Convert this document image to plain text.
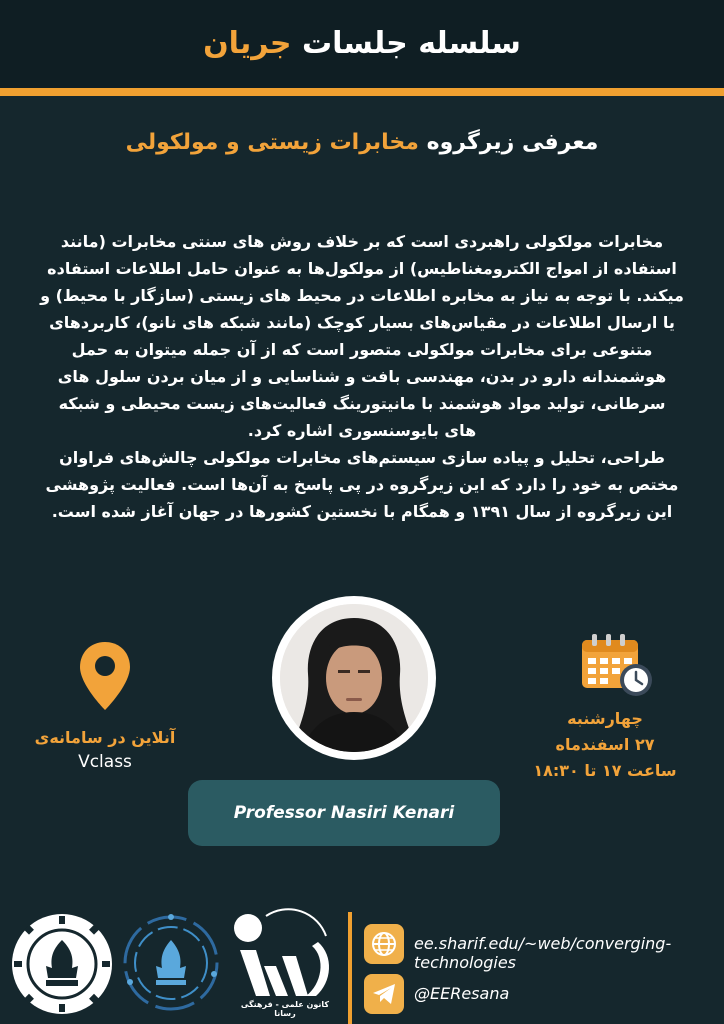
سلسله جلسات جریان
معرفی زیرگروه مخابرات زیستی و مولکولی

مخابرات مولکولی راهبردی است که بر خلاف روش های سنتی مخابرات (مانند استفاده از امواج الکترومغناطیس) از مولکول‌ها به عنوان حامل اطلاعات استفاده میکند. با توجه به نیاز به مخابره اطلاعات در محیط های زیستی (سازگار با محیط) و یا ارسال اطلاعات در مقیاس‌های بسیار کوچک (مانند شبکه های نانو)، کاربردهای متنوعی برای مخابرات مولکولی متصور است که از آن جمله میتوان به حمل هوشمندانه دارو در بدن، مهندسی بافت و شناسایی و از میان بردن سلول های سرطانی، تولید مواد هوشمند با مانیتورینگ فعالیت‌های زیست محیطی و شبکه های بایوسنسوری اشاره کرد.

طراحی، تحلیل و پیاده سازی سیستم‌های مخابرات مولکولی چالش‌های فراوان مختص به خود را دارد که این زیرگروه در پی پاسخ به آن‌ها است. فعالیت پژوهشی این زیرگروه از سال ۱۳۹۱ و همگام با نخستین کشورها در جهان آغاز شده است.

آنلاین در سامانه‌ی
Vclass
چهارشنبه
۲۷ اسفندماه
ساعت ۱۷ تا ۱۸:۳۰
Professor Nasiri Kenari
کانون علمی - فرهنگی رسانا
ee.sharif.edu/~web/converging-technologies
@EEResana
